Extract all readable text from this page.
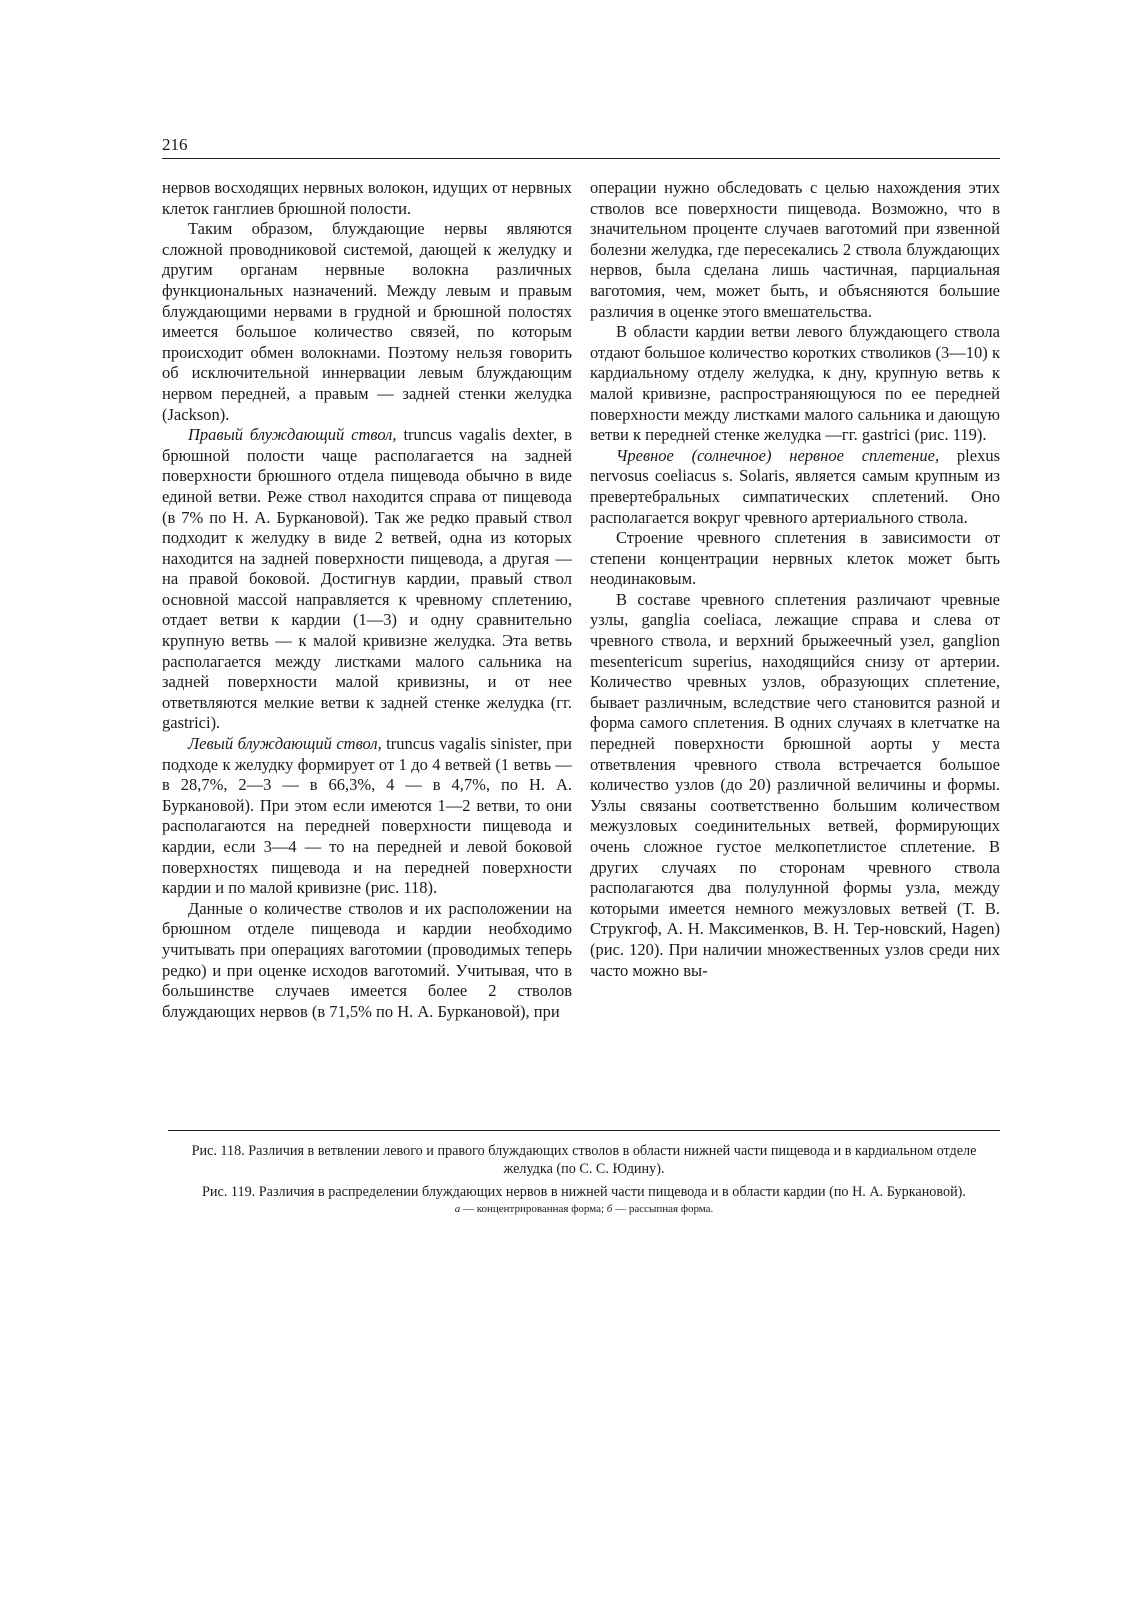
216

нервов восходящих нервных волокон, идущих от нервных клеток ганглиев брюшной полости.

Таким образом, блуждающие нервы являются сложной проводниковой системой, дающей к желудку и другим органам нервные волокна различных функциональных назначений. Между левым и правым блуждающими нервами в грудной и брюшной полостях имеется большое количество связей, по которым происходит обмен волокнами. Поэтому нельзя говорить об исключительной иннервации левым блуждающим нервом передней, а правым — задней стенки желудка (Jackson).

Правый блуждающий ствол, truncus vagalis dexter, в брюшной полости чаще располагается на задней поверхности брюшного отдела пищевода обычно в виде единой ветви. Реже ствол находится справа от пищевода (в 7% по Н. А. Буркановой). Так же редко правый ствол подходит к желудку в виде 2 ветвей, одна из которых находится на задней поверхности пищевода, а другая — на правой боковой. Достигнув кардии, правый ствол основной массой направляется к чревному сплетению, отдает ветви к кардии (1—3) и одну сравнительно крупную ветвь — к малой кривизне желудка. Эта ветвь располагается между листками малого сальника на задней поверхности малой кривизны, и от нее ответвляются мелкие ветви к задней стенке желудка (гг. gastrici).

Левый блуждающий ствол, truncus vagalis sinister, при подходе к желудку формирует от 1 до 4 ветвей (1 ветвь — в 28,7%, 2—3 — в 66,3%, 4 — в 4,7%, по Н. А. Буркановой). При этом если имеются 1—2 ветви, то они располагаются на передней поверхности пищевода и кардии, если 3—4 — то на передней и левой боковой поверхностях пищевода и на передней поверхности кардии и по малой кривизне (рис. 118).

Данные о количестве стволов и их расположении на брюшном отделе пищевода и кардии необходимо учитывать при операциях ваготомии (проводимых теперь редко) и при оценке исходов ваготомий. Учитывая, что в большинстве случаев имеется более 2 стволов блуждающих нервов (в 71,5% по Н. А. Буркановой), при

операции нужно обследовать с целью нахождения этих стволов все поверхности пищевода. Возможно, что в значительном проценте случаев ваготомий при язвенной болезни желудка, где пересекались 2 ствола блуждающих нервов, была сделана лишь частичная, парциальная ваготомия, чем, может быть, и объясняются большие различия в оценке этого вмешательства.

В области кардии ветви левого блуждающего ствола отдают большое количество коротких стволиков (3—10) к кардиальному отделу желудка, к дну, крупную ветвь к малой кривизне, распространяющуюся по ее передней поверхности между листками малого сальника и дающую ветви к передней стенке желудка —гг. gastrici (рис. 119).

Чревное (солнечное) нервное сплетение, plexus nervosus coeliacus s. Solaris, является самым крупным из превертебральных симпатических сплетений. Оно располагается вокруг чревного артериального ствола.

Строение чревного сплетения в зависимости от степени концентрации нервных клеток может быть неодинаковым.

В составе чревного сплетения различают чревные узлы, ganglia coeliaca, лежащие справа и слева от чревного ствола, и верхний брыжеечный узел, ganglion mesentericum superius, находящийся снизу от артерии. Количество чревных узлов, образующих сплетение, бывает различным, вследствие чего становится разной и форма самого сплетения. В одних случаях в клетчатке на передней поверхности брюшной аорты у места ответвления чревного ствола встречается большое количество узлов (до 20) различной величины и формы. Узлы связаны соответственно большим количеством межузловых соединительных ветвей, формирующих очень сложное густое мелкопетлистое сплетение. В других случаях по сторонам чревного ствола располагаются два полулунной формы узла, между которыми имеется немного межузловых ветвей (Т. В. Струкгоф, А. Н. Максименков, В. Н. Тер-новский, Hagen) (рис. 120). При наличии множественных узлов среди них часто можно вы-

Рис. 118. Различия в ветвлении левого и правого блуждающих стволов в области нижней части пищевода и в кардиальном отделе желудка (по С. С. Юдину).

Рис. 119. Различия в распределении блуждающих нервов в нижней части пищевода и в области кардии (по Н. А. Буркановой).

а — концентрированная форма; б — рассыпная форма.
